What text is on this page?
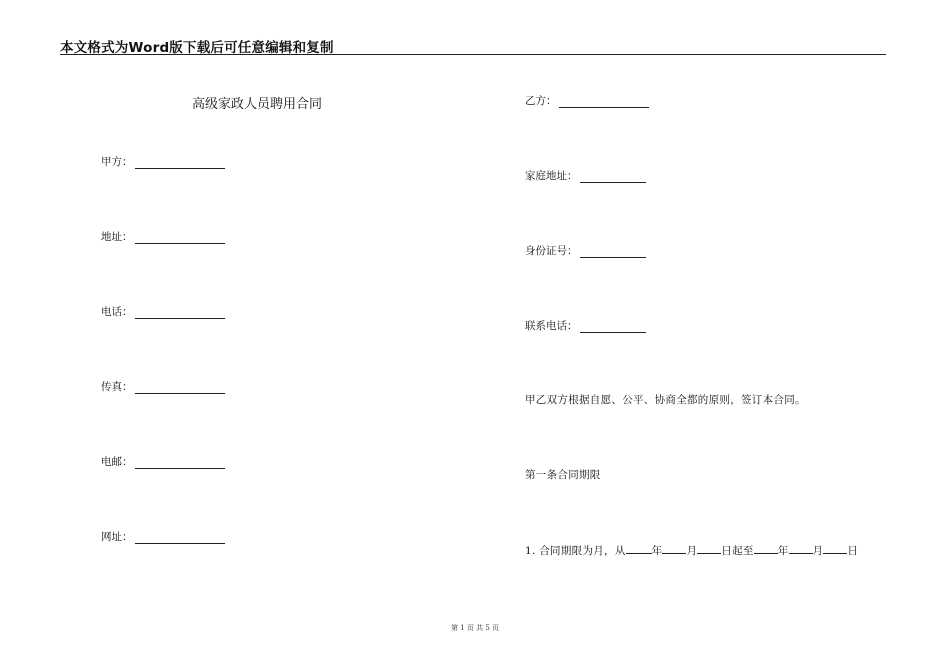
本文格式为Word版下载后可任意编辑和复制
高级家政人员聘用合同
甲方：
地址：
电话：
传真：
电邮：
网址：
乙方：
家庭地址：
身份证号：
联系电话：
甲乙双方根据自愿、公平、协商全都的原则，签订本合同。
第一条合同期限
1. 合同期限为月，从 年 月 日起至 年 月 日
第 1 页 共 5 页
